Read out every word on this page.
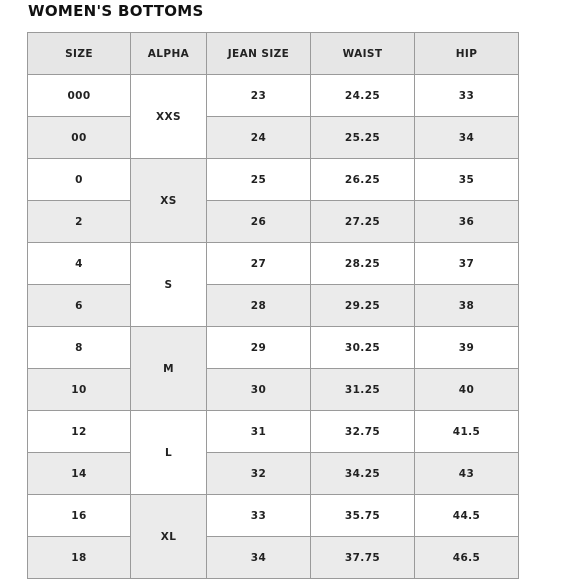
WOMEN'S BOTTOMS
SIZE	ALPHA	JEAN SIZE	WAIST	HIP
000	XXS	23	24.25	33
00		24	25.25	34
0	XS	25	26.25	35
2		26	27.25	36
4	S	27	28.25	37
6		28	29.25	38
8	M	29	30.25	39
10		30	31.25	40
12	L	31	32.75	41.5
14		32	34.25	43
16	XL	33	35.75	44.5
18		34	37.75	46.5
